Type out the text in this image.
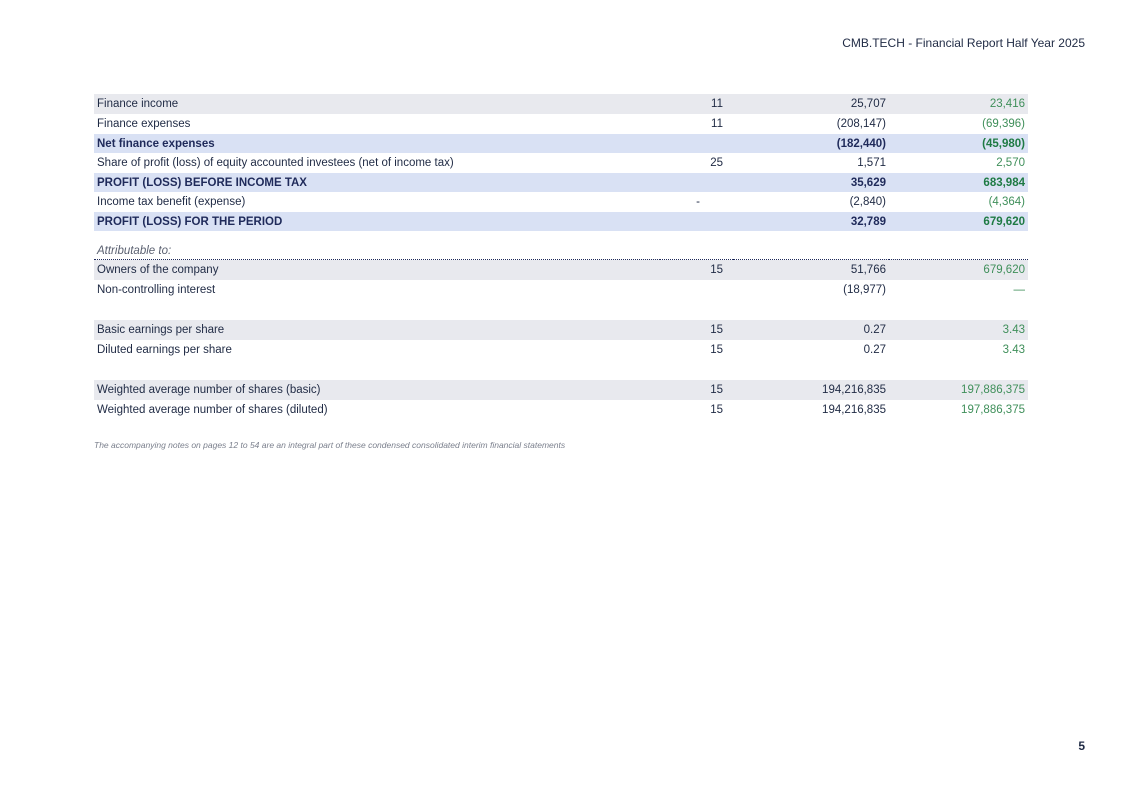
CMB.TECH - Financial Report Half Year 2025
Finance income	11	25,707	23,416
Finance expenses	11	(208,147)	(69,396)
Net finance expenses		(182,440)	(45,980)
Share of profit (loss) of equity accounted investees (net of income tax)	25	1,571	2,570
PROFIT (LOSS) BEFORE INCOME TAX		35,629	683,984
Income tax benefit (expense)	-	(2,840)	(4,364)
PROFIT (LOSS) FOR THE PERIOD		32,789	679,620
Attributable to:			
Owners of the company	15	51,766	679,620
Non-controlling interest		(18,977)	—

Basic earnings per share	15	0.27	3.43
Diluted earnings per share	15	0.27	3.43

Weighted average number of shares (basic)	15	194,216,835	197,886,375
Weighted average number of shares (diluted)	15	194,216,835	197,886,375
The accompanying notes on pages 12 to 54 are an integral part of these condensed consolidated interim financial statements
5
